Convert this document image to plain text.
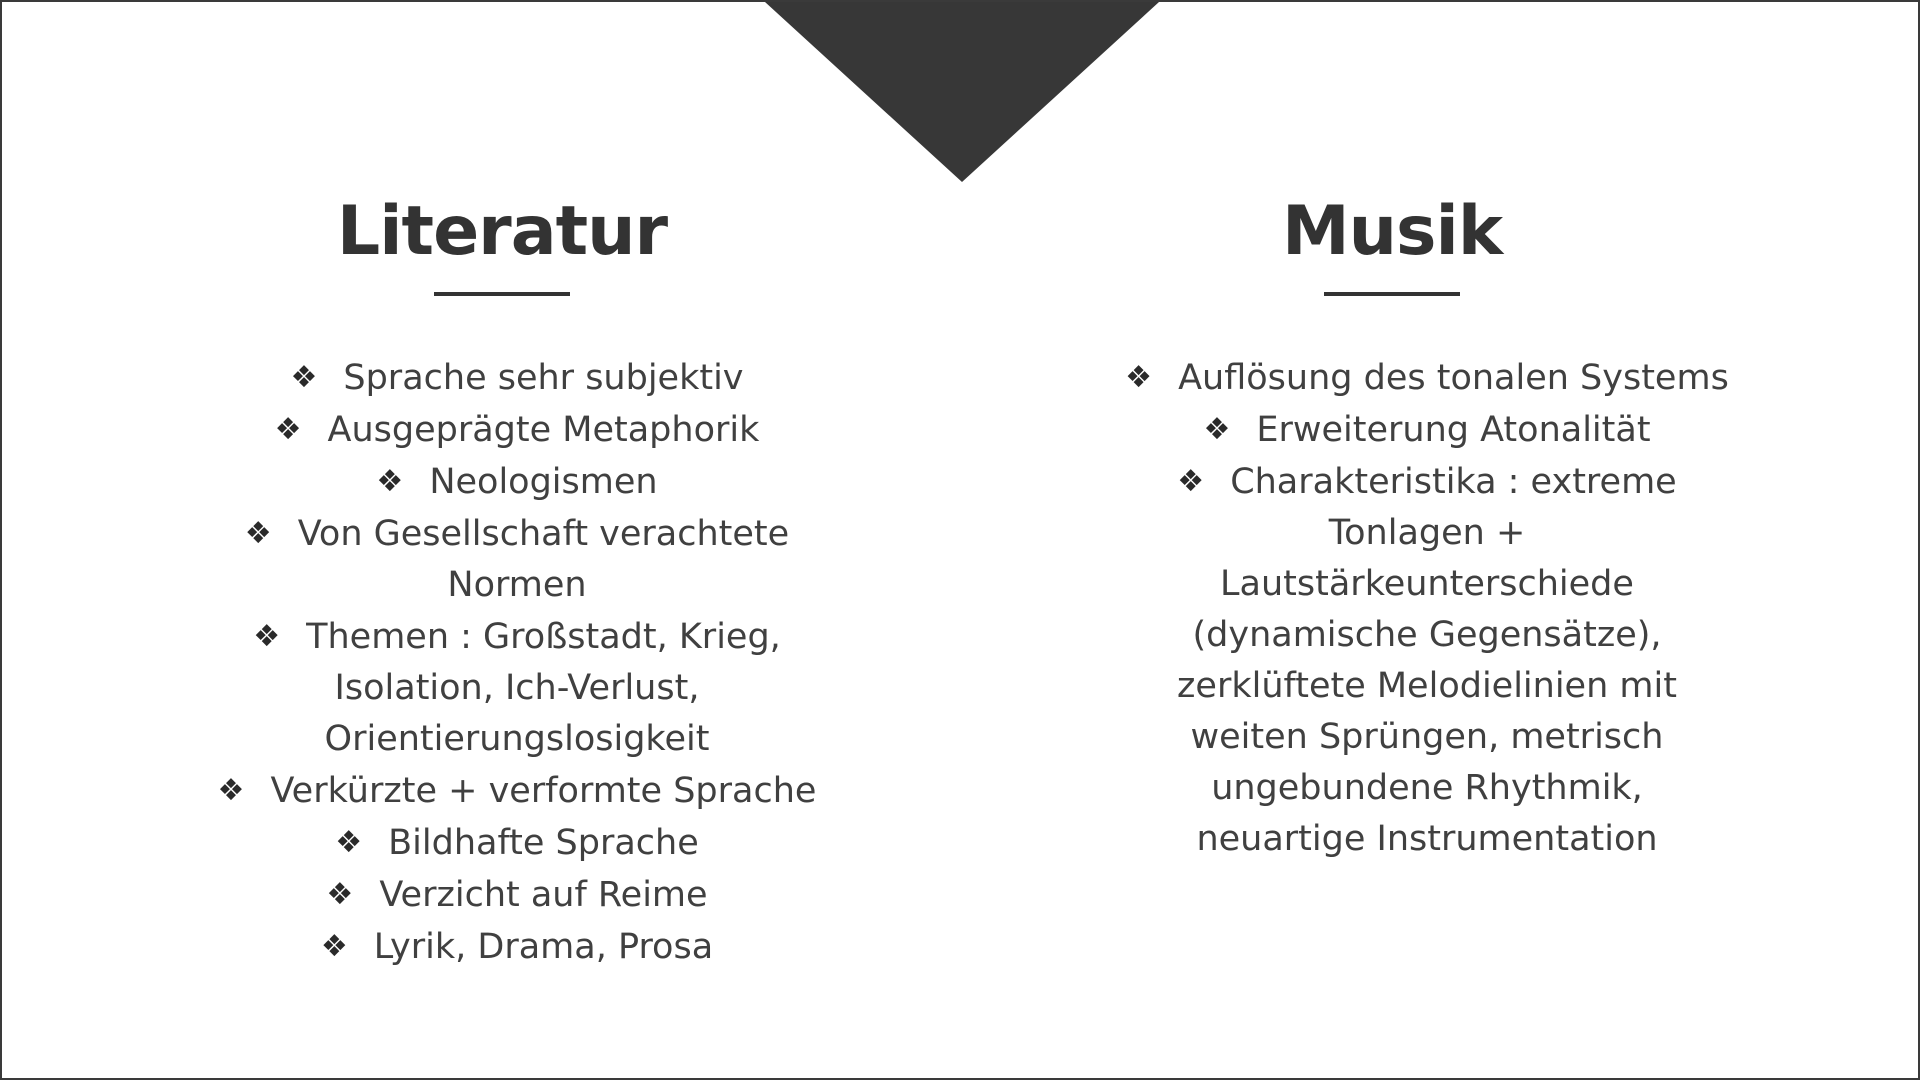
Literatur
❖ Sprache sehr subjektiv
❖ Ausgeprägte Metaphorik
❖ Neologismen
❖ Von Gesellschaft verachtete
Normen
❖ Themen : Großstadt, Krieg,
Isolation, Ich-Verlust,
Orientierungslosigkeit
❖ Verkürzte + verformte Sprache
❖ Bildhafte Sprache
❖ Verzicht auf Reime
❖ Lyrik, Drama, Prosa
Musik
❖ Auflösung des tonalen Systems
❖ Erweiterung Atonalität
❖ Charakteristika : extreme
Tonlagen +
Lautstärkeunterschiede
(dynamische Gegensätze),
zerklüftete Melodielinien mit
weiten Sprüngen, metrisch
ungebundene Rhythmik,
neuartige Instrumentation
